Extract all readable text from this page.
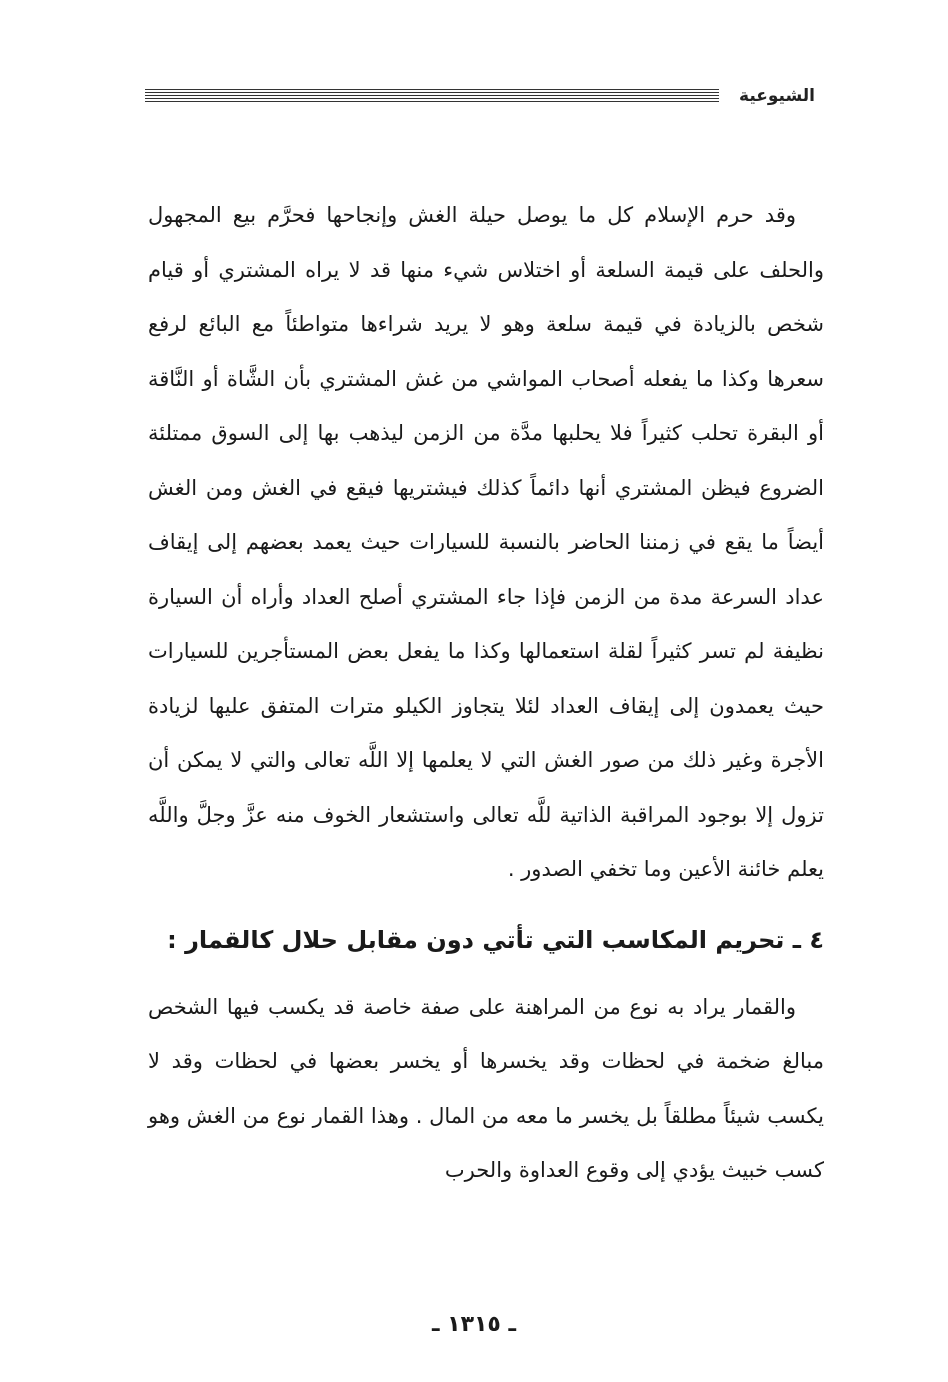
الشيوعية

وقد حرم الإسلام كل ما يوصل حيلة الغش وإنجاحها فحرَّم بيع المجهول والحلف على قيمة السلعة أو اختلاس شيء منها قد لا يراه المشتري أو قيام شخص بالزيادة في قيمة سلعة وهو لا يريد شراءها متواطئاً مع البائع لرفع سعرها وكذا ما يفعله أصحاب المواشي من غش المشتري بأن الشَّاة أو النَّاقة أو البقرة تحلب كثيراً فلا يحلبها مدَّة من الزمن ليذهب بها إلى السوق ممتلئة الضروع فيظن المشتري أنها دائماً كذلك فيشتريها فيقع في الغش ومن الغش أيضاً ما يقع في زمننا الحاضر بالنسبة للسيارات حيث يعمد بعضهم إلى إيقاف عداد السرعة مدة من الزمن فإذا جاء المشتري أصلح العداد وأراه أن السيارة نظيفة لم تسر كثيراً لقلة استعمالها وكذا ما يفعل بعض المستأجرين للسيارات حيث يعمدون إلى إيقاف العداد لئلا يتجاوز الكيلو مترات المتفق عليها لزيادة الأجرة وغير ذلك من صور الغش التي لا يعلمها إلا اللَّه تعالى والتي لا يمكن أن تزول إلا بوجود المراقبة الذاتية للَّه تعالى واستشعار الخوف منه عزَّ وجلَّ واللَّه يعلم خائنة الأعين وما تخفي الصدور .

٤ ـ تحريم المكاسب التي تأتي دون مقابل حلال كالقمار :

والقمار يراد به نوع من المراهنة على صفة خاصة قد يكسب فيها الشخص مبالغ ضخمة في لحظات وقد يخسرها أو يخسر بعضها في لحظات وقد لا يكسب شيئاً مطلقاً بل يخسر ما معه من المال . وهذا القمار نوع من الغش وهو كسب خبيث يؤدي إلى وقوع العداوة والحرب

ـ ١٣١٥ ـ
